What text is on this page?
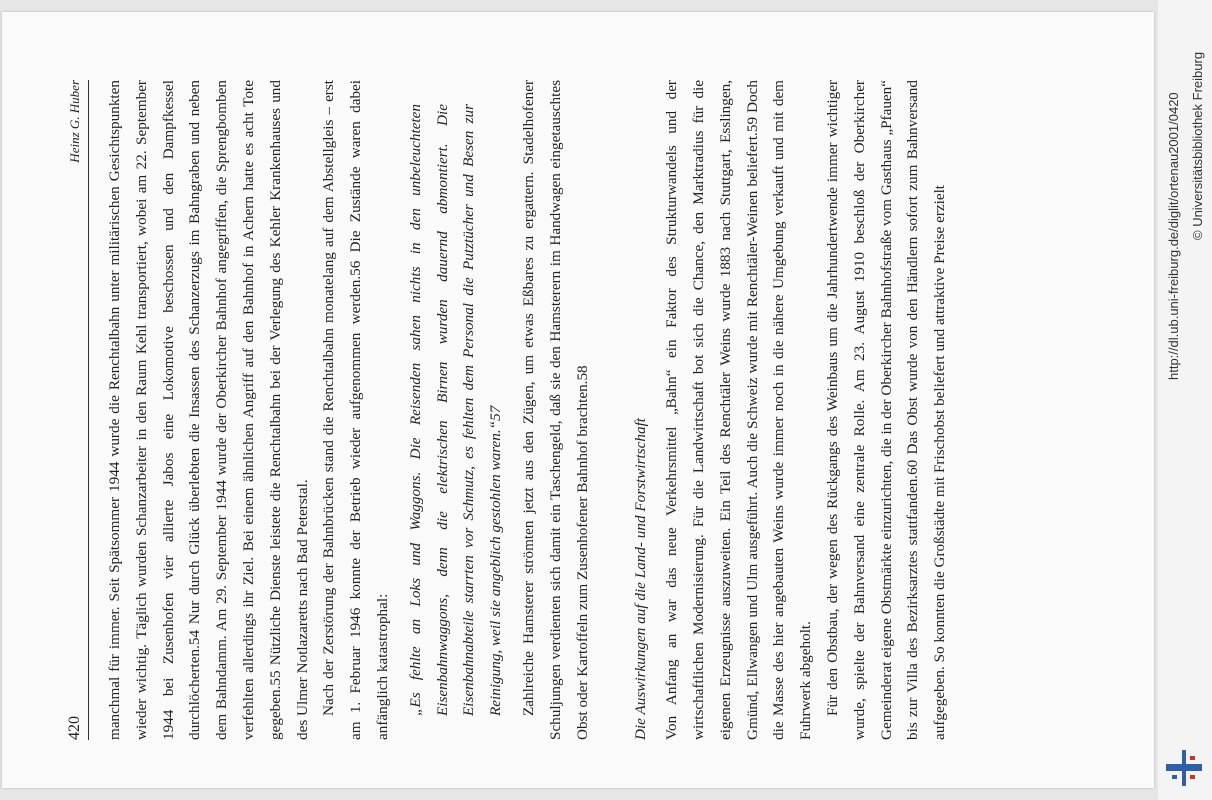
420
Heinz G. Huber manchmal für immer. Seit Spätsommer 1944 wurde die Renchtalbahn unter militärischen Gesichtspunkten wieder wichtig. Täglich wurden Schanzarbeiter in den Raum Kehl transportiert, wobei am 22. September 1944 bei Zusenhofen vier allierte Jabos eine Lokomotive beschossen und den Dampfkessel durchlöcherten.54 Nur durch Glück überlebten die Insassen des Schanzerzugs im Bahngraben und neben dem Bahndamm. Am 29. September 1944 wurde der Oberkircher Bahnhof angegriffen, die Sprengbomben verfehlten allerdings ihr Ziel. Bei einem ähnlichen Angriff auf den Bahnhof in Achern hatte es acht Tote gegeben.55 Nützliche Dienste leistete die Renchtalbahn bei der Verlegung des Kehler Krankenhauses und des Ulmer Notlazaretts nach Bad Peterstal. Nach der Zerstörung der Bahnbrücken stand die Renchtalbahn monatelang auf dem Abstellgleis – erst am 1. Februar 1946 konnte der Betrieb wieder aufgenommen werden.56 Die Zustände waren dabei anfänglich katastrophal:	„Es fehlte an Loks und Waggons. Die Reisenden sahen nichts in den unbeleuchteten Eisenbahnwaggons, denn die elektrischen Birnen wurden dauernd abmontiert. Die Eisenbahnabteile starrten vor Schmutz, es fehlten dem Personal die Putztücher und Besen zur Reinigung, weil sie angeblich gestohlen waren.“57	Zahlreiche Hamsterer strömten jetzt aus den Zügen, um etwas Eßbares zu ergattern. Stadelhofener Schuljungen verdienten sich damit ein Taschengeld, daß sie den Hamsterern im Handwagen eingetauschtes Obst oder Kartoffeln zum Zusenhofener Bahnhof brachten.58	Die Auswirkungen auf die Land- und Forstwirtschaft Von Anfang an war das neue Verkehrsmittel „Bahn“ ein Faktor des Strukturwandels und der wirtschaftlichen Modernisierung. Für die Landwirtschaft bot sich die Chance, den Marktradius für die eigenen Erzeugnisse auszuweiten. Ein Teil des Renchtäler Weins wurde 1883 nach Stuttgart, Esslingen, Gmünd, Ellwangen und Ulm ausgeführt. Auch die Schweiz wurde mit Renchtäler-Weinen beliefert.59 Doch die Masse des hier angebauten Weins wurde immer noch in die nähere Umgebung verkauft und mit dem Fuhrwerk abgeholt. Für den Obstbau, der wegen des Rückgangs des Weinbaus um die Jahrhundertwende immer wichtiger wurde, spielte der Bahnversand eine zentrale Rolle. Am 23. August 1910 beschloß der Oberkircher Gemeinderat eigene Obstmärkte einzurichten, die in der Oberkircher Bahnhofstraße vom Gasthaus „Pfauen“ bis zur Villa des Bezirksarztes stattfanden.60 Das Obst wurde von den Händlern sofort zum Bahnversand aufgegeben. So konnten die Großstädte mit Frischobst beliefert und attraktive Preise erzielt	http://dl.ub.uni-freiburg.de/diglit/ortenau2001/0420 © Universitätsbibliothek Freiburg
